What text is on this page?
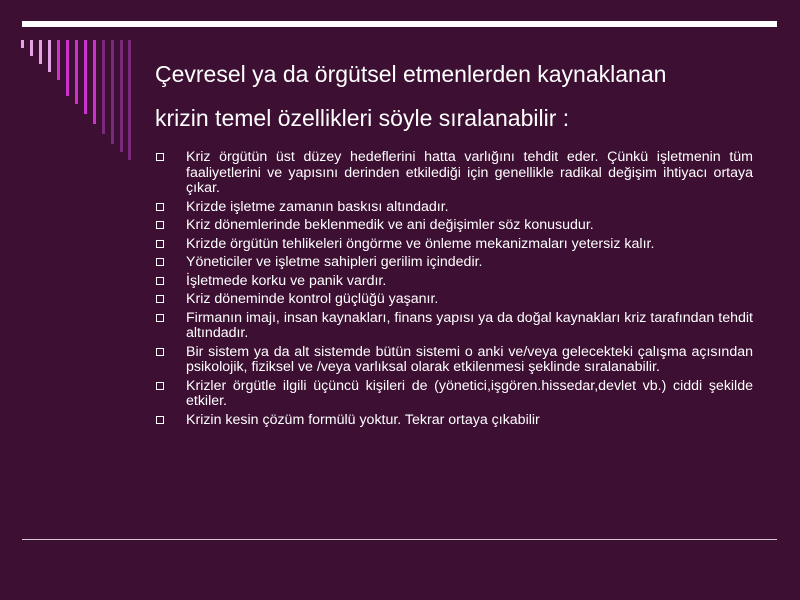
Çevresel ya da örgütsel etmenlerden kaynaklanan
krizin temel özellikleri söyle sıralanabilir :
Kriz örgütün üst düzey hedeflerini hatta varlığını tehdit eder. Çünkü işletmenin tüm faaliyetlerini ve yapısını derinden etkilediği için genellikle radikal değişim ihtiyacı ortaya çıkar.
Krizde işletme zamanın baskısı altındadır.
Kriz dönemlerinde beklenmedik ve ani değişimler söz konusudur.
Krizde örgütün tehlikeleri öngörme ve önleme mekanizmaları yetersiz kalır.
Yöneticiler ve işletme sahipleri gerilim içindedir.
İşletmede korku ve panik vardır.
Kriz döneminde kontrol güçlüğü yaşanır.
Firmanın imajı, insan kaynakları, finans yapısı ya da doğal kaynakları kriz tarafından tehdit altındadır.
Bir sistem ya da alt sistemde bütün sistemi o anki ve/veya gelecekteki çalışma açısından psikolojik, fiziksel ve /veya varlıksal olarak etkilenmesi şeklinde sıralanabilir.
Krizler örgütle ilgili üçüncü kişileri de (yönetici,işgören.hissedar,devlet vb.) ciddi şekilde etkiler.
Krizin kesin çözüm formülü yoktur. Tekrar ortaya çıkabilir
